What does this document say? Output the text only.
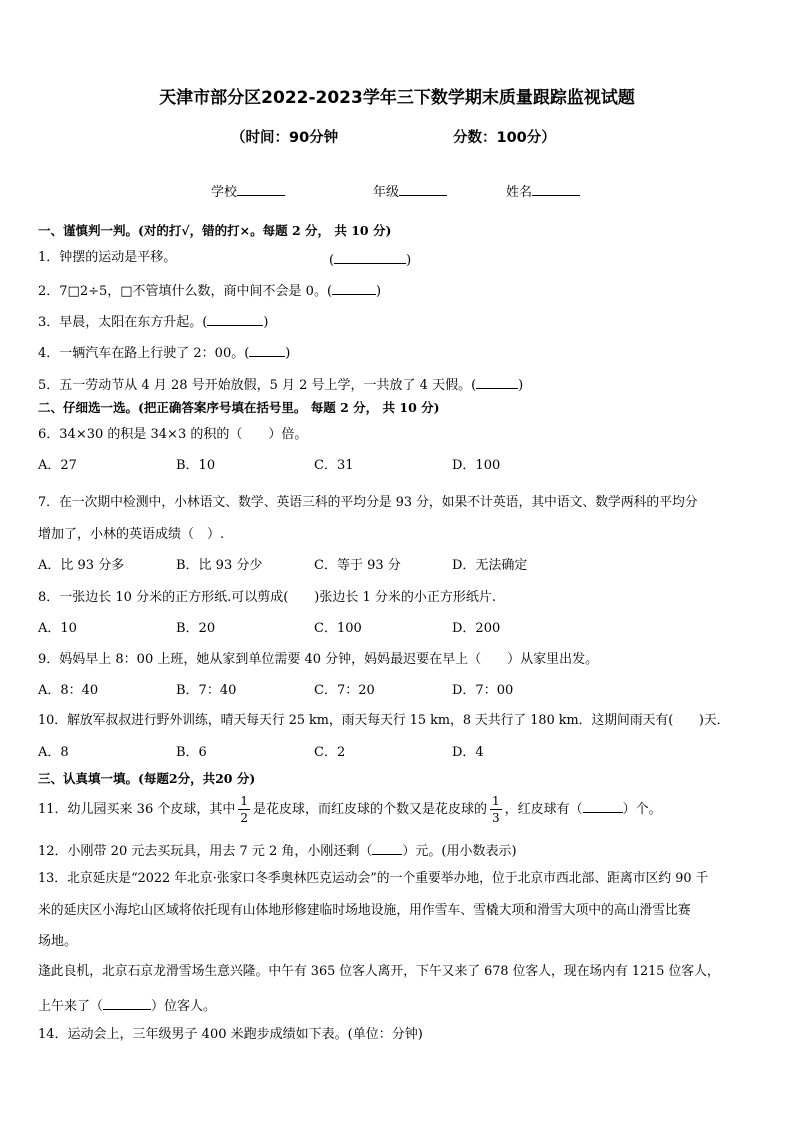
天津市部分区2022-2023学年三下数学期末质量跟踪监视试题
（时间：90分钟	分数：100分）
学校	年级	姓名
一、谨慎判一判。(对的打√，错的打×。每题 2 分， 共 10 分)
1．钟摆的运动是平移。	(	)
2．7□2÷5，□不管填什么数，商中间不会是 0。(	)
3．早晨，太阳在东方升起。(	)
4．一辆汽车在路上行驶了 2：00。(	)
5．五一劳动节从 4 月 28 号开始放假，5 月 2 号上学，一共放了 4 天假。(	)
二、仔细选一选。(把正确答案序号填在括号里。 每题 2 分， 共 10 分)
6．34×30 的积是 34×3 的积的（　　）倍。
A．27	B．10	C．31	D．100
7．在一次期中检测中，小林语文、数学、英语三科的平均分是 93 分，如果不计英语，其中语文、数学两科的平均分
增加了，小林的英语成绩（　）.
A．比 93 分多	B．比 93 分少	C．等于 93 分	D．无法确定
8．一张边长 10 分米的正方形纸.可以剪成(　　)张边长 1 分米的小正方形纸片.
A．10	B．20	C．100	D．200
9．妈妈早上 8：00 上班，她从家到单位需要 40 分钟，妈妈最迟要在早上（　　）从家里出发。
A．8：40	B．7：40	C．7：20	D．7：00
10．解放军叔叔进行野外训练，晴天每天行 25 km，雨天每天行 15 km，8 天共行了 180 km．这期间雨天有(　　)天．
A．8	B．6	C．2	D．4
三、认真填一填。(每题2分，共20 分)
11．幼儿园买来 36 个皮球，其中 $\frac{1}{2}$ 是花皮球，而红皮球的个数又是花皮球的 $\frac{1}{3}$ ，红皮球有（	）个。
12．小刚带 20 元去买玩具，用去 7 元 2 角，小刚还剩（ ）元。(用小数表示)
13．北京延庆是“2022 年北京·张家口冬季奥林匹克运动会”的一个重要举办地，位于北京市西北部、距离市区约 90 千
米的延庆区小海坨山区域将依托现有山体地形修建临时场地设施，用作雪车、雪橇大项和滑雪大项中的高山滑雪比赛
场地。
逢此良机，北京石京龙滑雪场生意兴隆。中午有 365 位客人离开，下午又来了 678 位客人，现在场内有 1215 位客人，
上午来了（	）位客人。
14．运动会上，三年级男子 400 米跑步成绩如下表。(单位：分钟)
